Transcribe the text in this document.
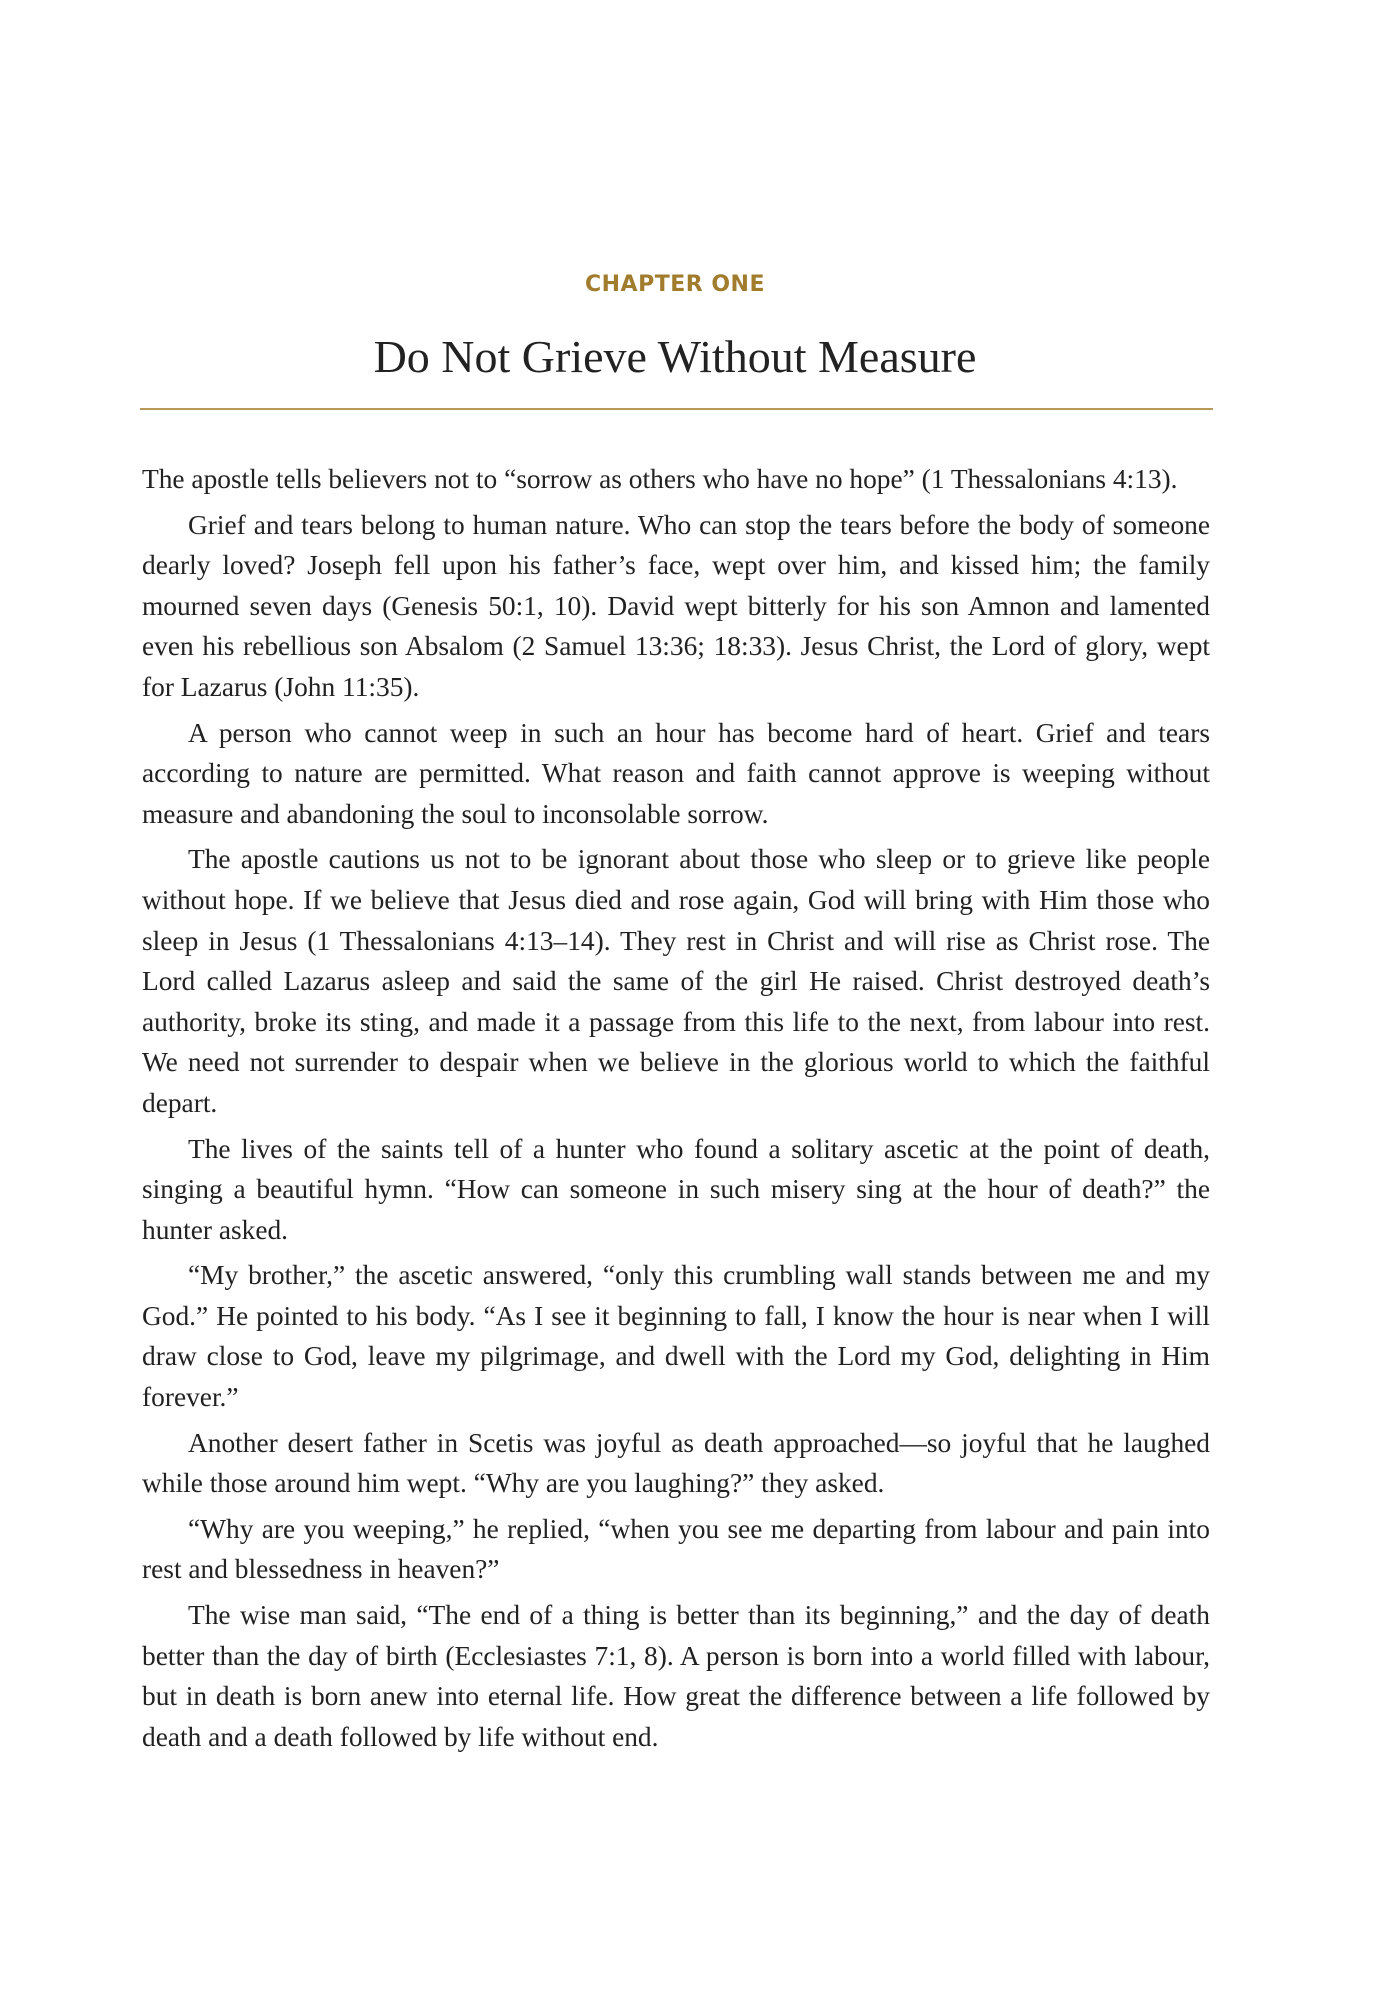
CHAPTER ONE
Do Not Grieve Without Measure

The apostle tells believers not to “sorrow as others who have no hope” (1 Thessalonians 4:13).

Grief and tears belong to human nature. Who can stop the tears before the body of someone dearly loved? Joseph fell upon his father’s face, wept over him, and kissed him; the family mourned seven days (Genesis 50:1, 10). David wept bitterly for his son Amnon and lamented even his rebellious son Absalom (2 Samuel 13:36; 18:33). Jesus Christ, the Lord of glory, wept for Lazarus (John 11:35).

A person who cannot weep in such an hour has become hard of heart. Grief and tears according to nature are permitted. What reason and faith cannot approve is weeping without measure and abandoning the soul to inconsolable sorrow.

The apostle cautions us not to be ignorant about those who sleep or to grieve like people without hope. If we believe that Jesus died and rose again, God will bring with Him those who sleep in Jesus (1 Thessalonians 4:13–14). They rest in Christ and will rise as Christ rose. The Lord called Lazarus asleep and said the same of the girl He raised. Christ destroyed death’s authority, broke its sting, and made it a passage from this life to the next, from labour into rest. We need not surrender to despair when we believe in the glorious world to which the faithful depart.

The lives of the saints tell of a hunter who found a solitary ascetic at the point of death, singing a beautiful hymn. “How can someone in such misery sing at the hour of death?” the hunter asked.

“My brother,” the ascetic answered, “only this crumbling wall stands between me and my God.” He pointed to his body. “As I see it beginning to fall, I know the hour is near when I will draw close to God, leave my pilgrimage, and dwell with the Lord my God, delighting in Him forever.”

Another desert father in Scetis was joyful as death approached—so joyful that he laughed while those around him wept. “Why are you laughing?” they asked.

“Why are you weeping,” he replied, “when you see me departing from labour and pain into rest and blessedness in heaven?”

The wise man said, “The end of a thing is better than its beginning,” and the day of death better than the day of birth (Ecclesiastes 7:1, 8). A person is born into a world filled with labour, but in death is born anew into eternal life. How great the difference between a life followed by death and a death followed by life without end.
